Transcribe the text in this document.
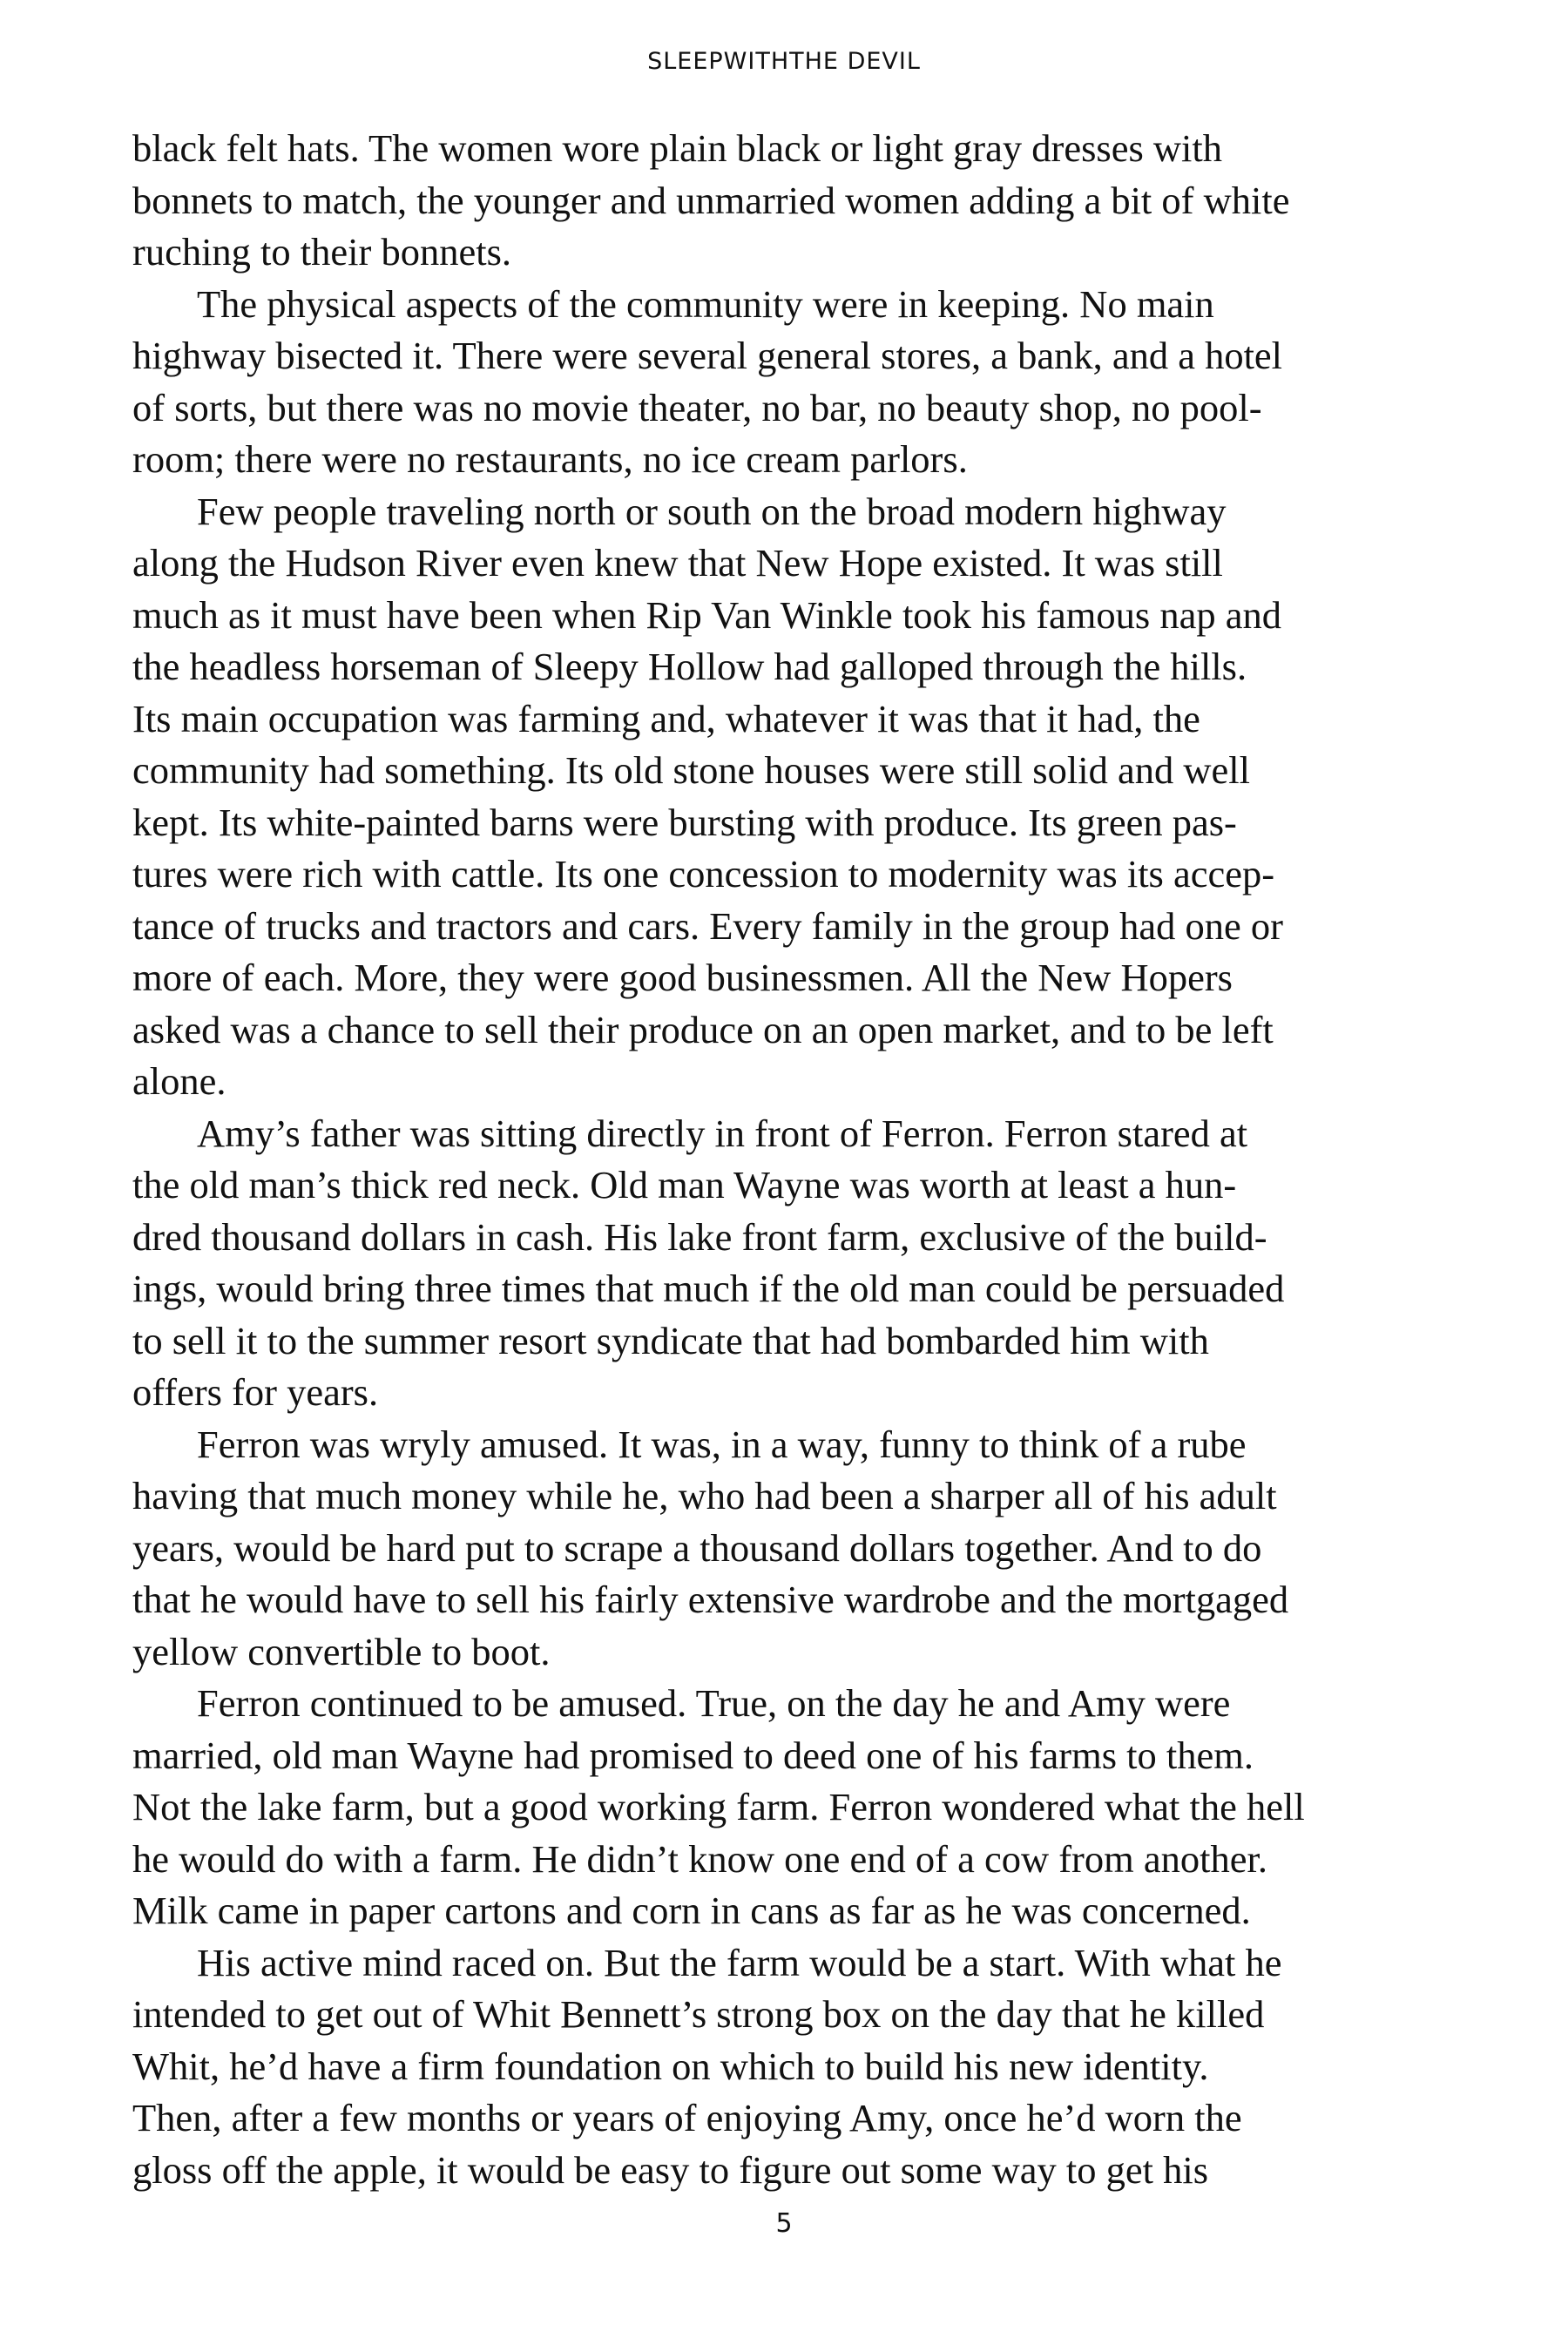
SLEEPWITHTHE DEVIL

black felt hats. The women wore plain black or light gray dresses with
bonnets to match, the younger and unmarried women adding a bit of white
ruching to their bonnets.

The physical aspects of the community were in keeping. No main
highway bisected it. There were several general stores, a bank, and a hotel
of sorts, but there was no movie theater, no bar, no beauty shop, no pool-
room; there were no restaurants, no ice cream parlors.

Few people traveling north or south on the broad modern highway
along the Hudson River even knew that New Hope existed. It was still
much as it must have been when Rip Van Winkle took his famous nap and
the headless horseman of Sleepy Hollow had galloped through the hills.
Its main occupation was farming and, whatever it was that it had, the
community had something. Its old stone houses were still solid and well
kept. Its white-painted barns were bursting with produce. Its green pas-
tures were rich with cattle. Its one concession to modernity was its accep-
tance of trucks and tractors and cars. Every family in the group had one or
more of each. More, they were good businessmen. All the New Hopers
asked was a chance to sell their produce on an open market, and to be left
alone.

Amy’s father was sitting directly in front of Ferron. Ferron stared at
the old man’s thick red neck. Old man Wayne was worth at least a hun-
dred thousand dollars in cash. His lake front farm, exclusive of the build-
ings, would bring three times that much if the old man could be persuaded
to sell it to the summer resort syndicate that had bombarded him with
offers for years.

Ferron was wryly amused. It was, in a way, funny to think of a rube
having that much money while he, who had been a sharper all of his adult
years, would be hard put to scrape a thousand dollars together. And to do
that he would have to sell his fairly extensive wardrobe and the mortgaged
yellow convertible to boot.

Ferron continued to be amused. True, on the day he and Amy were
married, old man Wayne had promised to deed one of his farms to them.
Not the lake farm, but a good working farm. Ferron wondered what the hell
he would do with a farm. He didn’t know one end of a cow from another.
Milk came in paper cartons and corn in cans as far as he was concerned.

His active mind raced on. But the farm would be a start. With what he
intended to get out of Whit Bennett’s strong box on the day that he killed
Whit, he’d have a firm foundation on which to build his new identity.
Then, after a few months or years of enjoying Amy, once he’d worn the
gloss off the apple, it would be easy to figure out some way to get his

5
